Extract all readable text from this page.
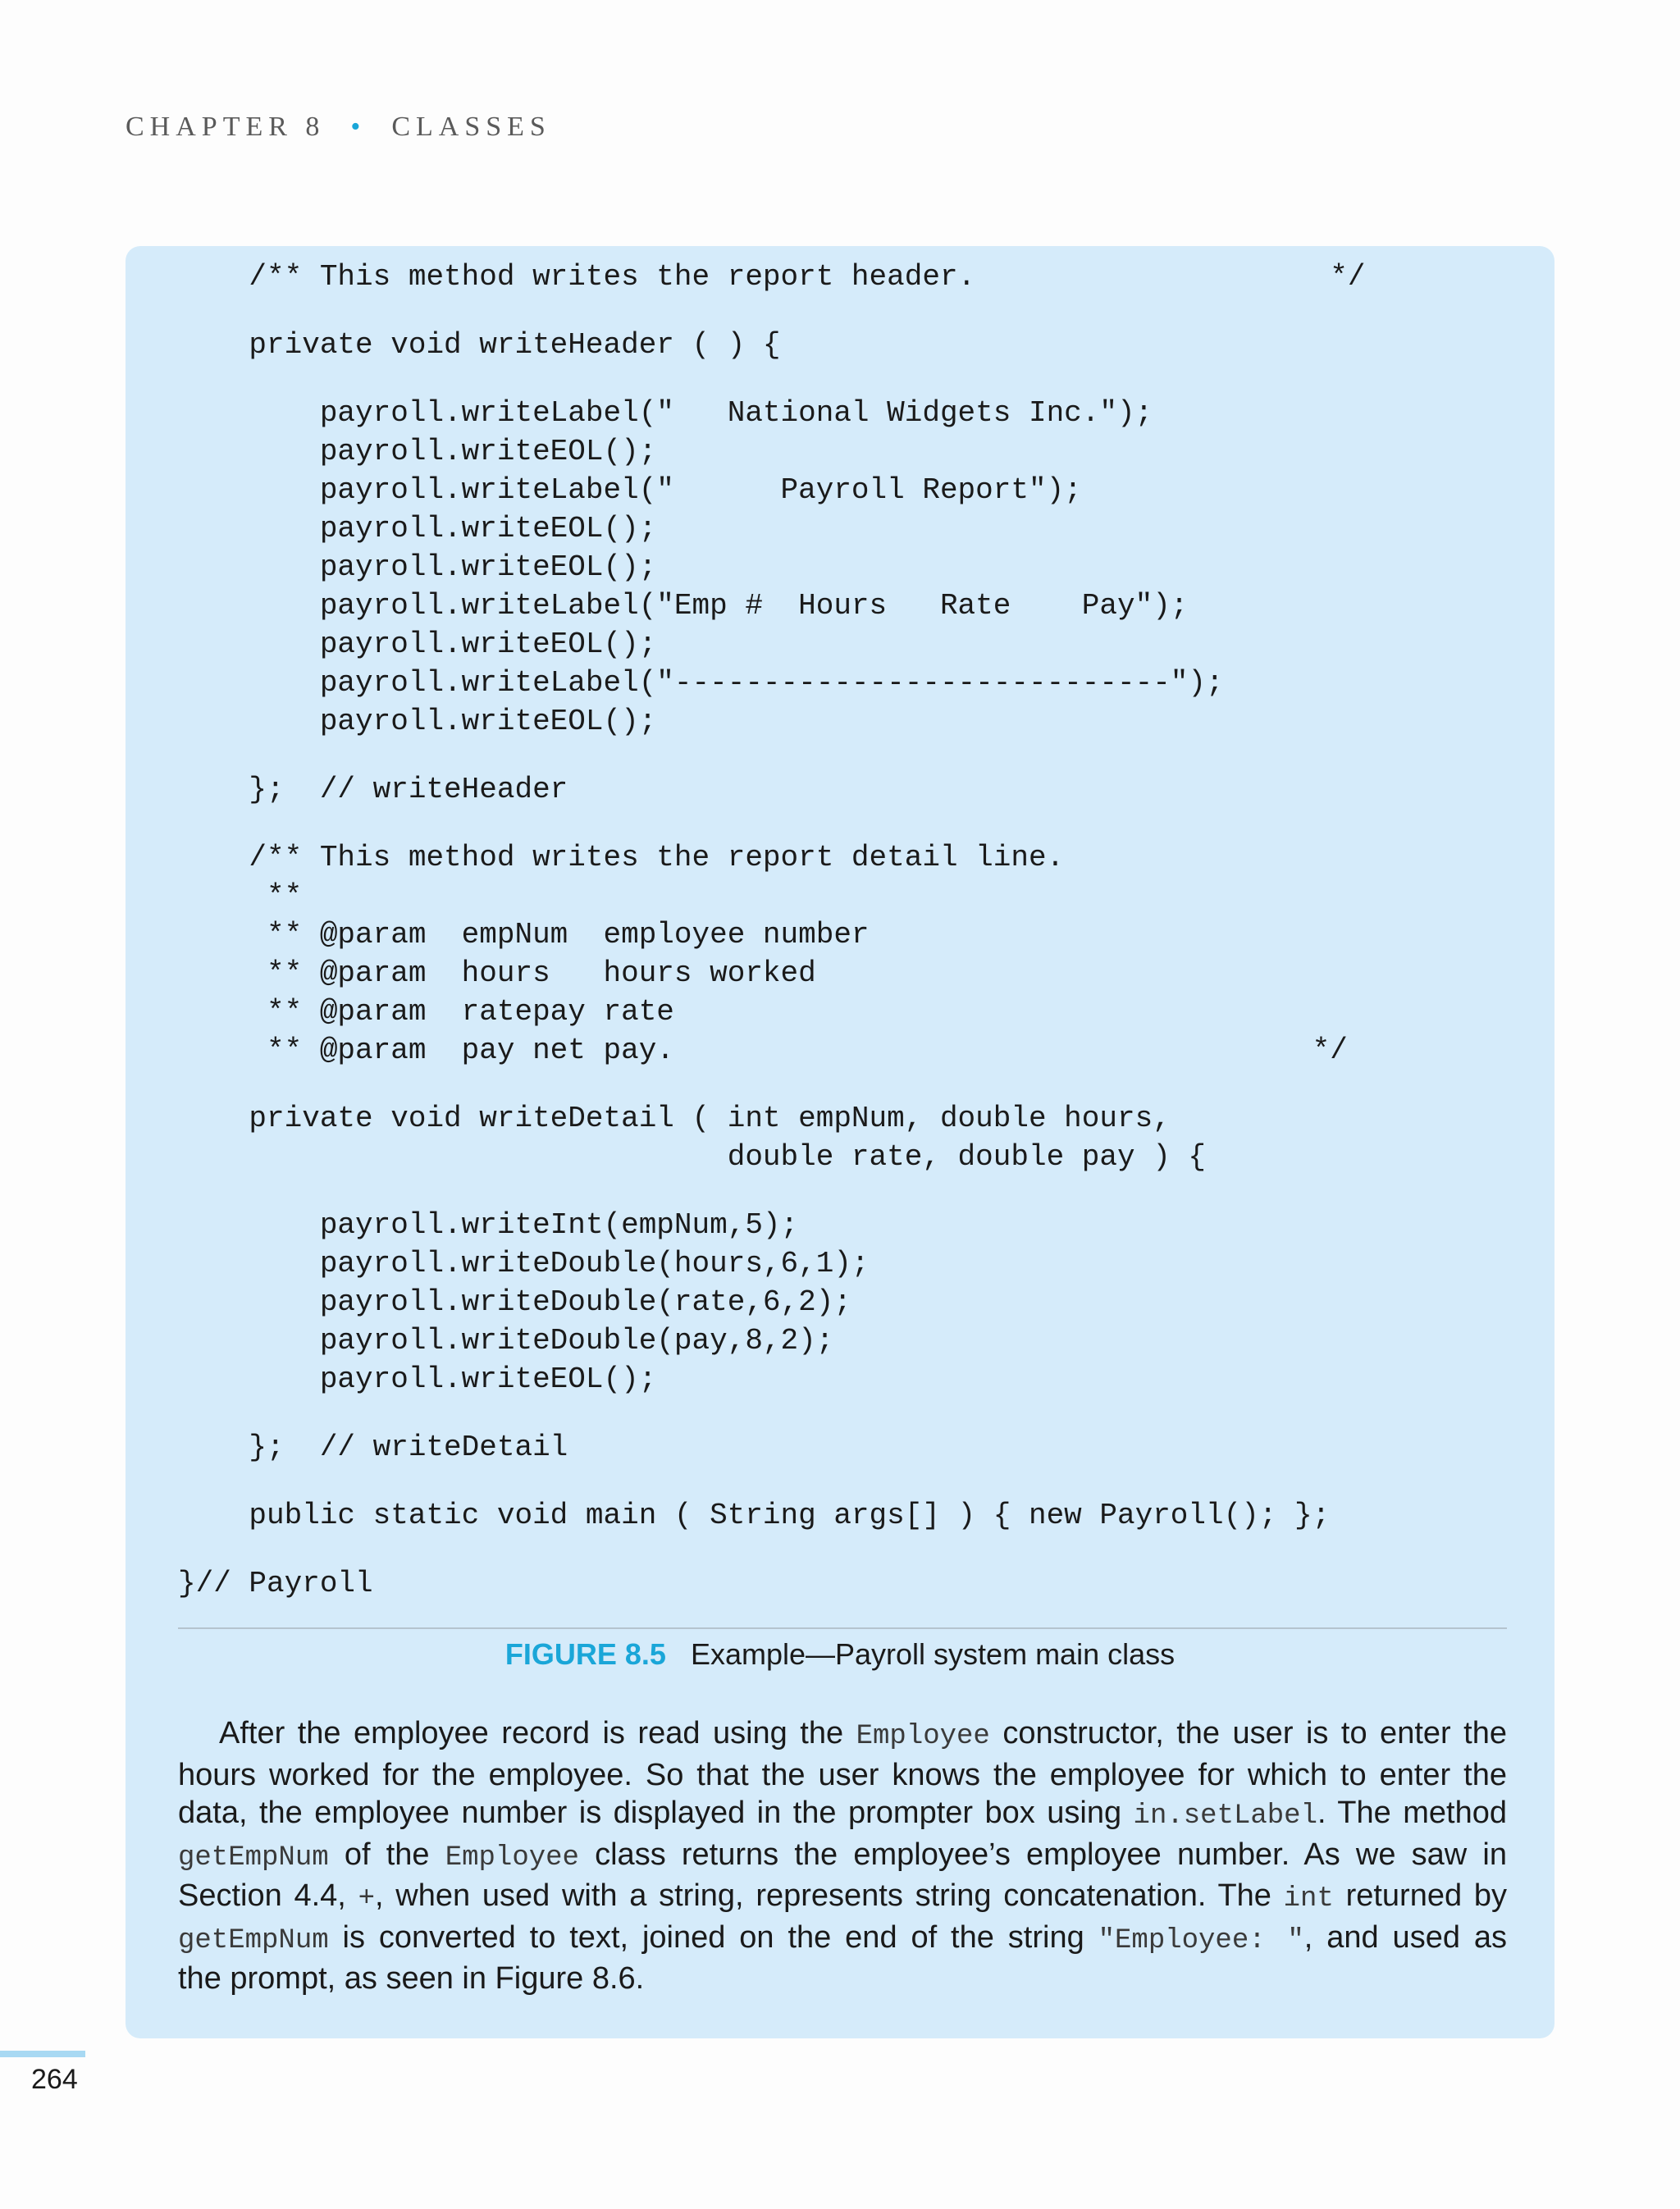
CHAPTER 8 • CLASSES
/** This method writes the report header.                    */
private void writeHeader ( ) {
payroll.writeLabel("   National Widgets Inc.");
payroll.writeEOL();
payroll.writeLabel("      Payroll Report");
payroll.writeEOL();
payroll.writeEOL();
payroll.writeLabel("Emp #  Hours   Rate    Pay");
payroll.writeEOL();
payroll.writeLabel("----------------------------");
payroll.writeEOL();
};  // writeHeader
/** This method writes the report detail line.
**
** @param  empNum  employee number
** @param  hours   hours worked
** @param  ratepay rate
** @param  pay net pay.                                    */
private void writeDetail ( int empNum, double hours,
double rate, double pay ) {
payroll.writeInt(empNum,5);
payroll.writeDouble(hours,6,1);
payroll.writeDouble(rate,6,2);
payroll.writeDouble(pay,8,2);
payroll.writeEOL();
};  // writeDetail
public static void main ( String args[] ) { new Payroll(); };
}// Payroll
FIGURE 8.5 Example—Payroll system main class
After the employee record is read using the Employee constructor, the user is to enter the
hours worked for the employee. So that the user knows the employee for which to enter the
data, the employee number is displayed in the prompter box using in.setLabel. The method
getEmpNum of the Employee class returns the employee’s employee number. As we saw in
Section 4.4, +, when used with a string, represents string concatenation. The int returned by
getEmpNum is converted to text, joined on the end of the string "Employee: ", and used as
the prompt, as seen in Figure 8.6.
264
